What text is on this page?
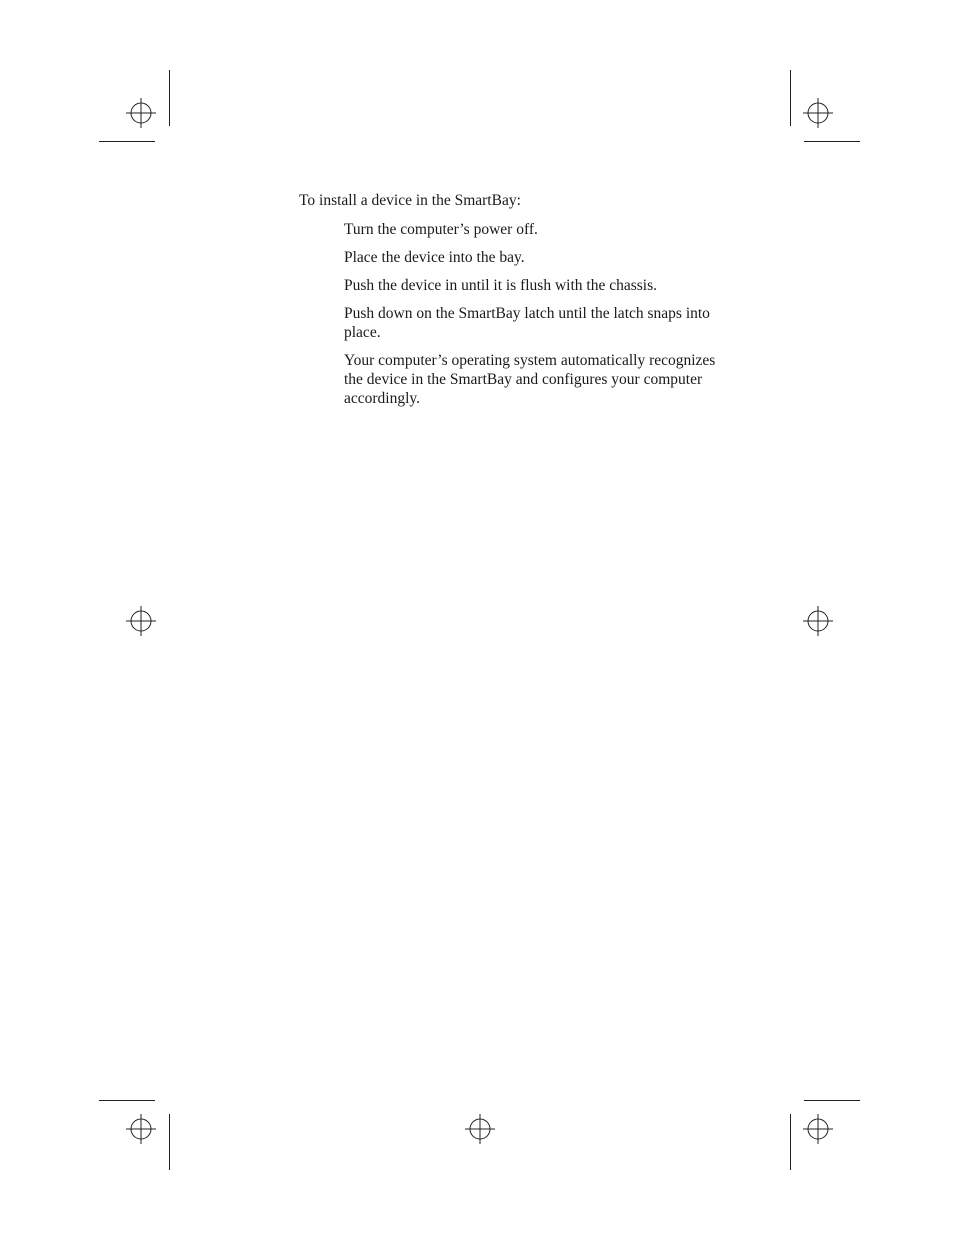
To install a device in the SmartBay:

Turn the computer’s power off.
Place the device into the bay.
Push the device in until it is flush with the chassis.
Push down on the SmartBay latch until the latch snaps into place.
Your computer’s operating system automatically recognizes the device in the SmartBay and configures your computer accordingly.
